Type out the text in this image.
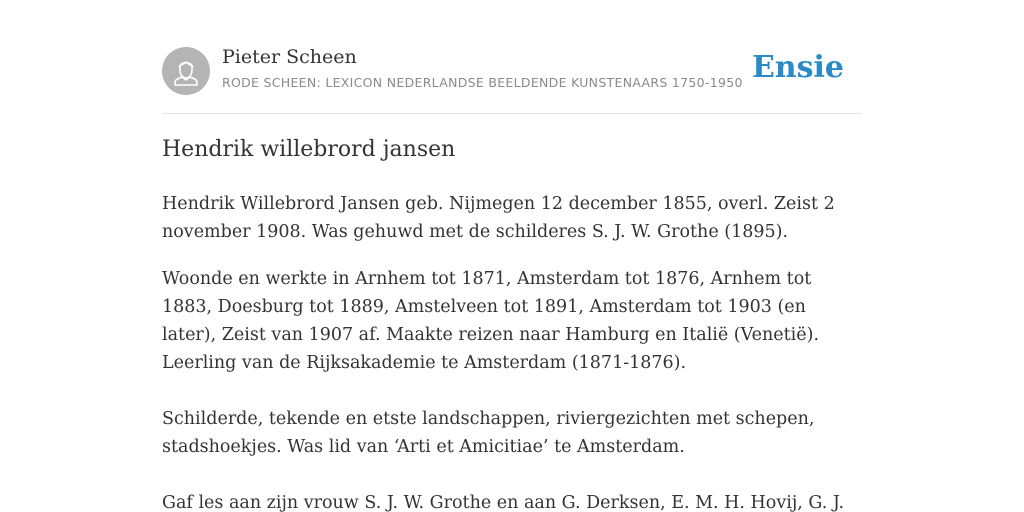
Pieter Scheen
RODE SCHEEN: LEXICON NEDERLANDSE BEELDENDE KUNSTENAARS 1750-1950 Ensie
Hendrik willebrord jansen

Hendrik Willebrord Jansen geb. Nijmegen 12 december 1855, overl. Zeist 2 november 1908. Was gehuwd met de schilderes S. J. W. Grothe (1895).

Woonde en werkte in Arnhem tot 1871, Amsterdam tot 1876, Arnhem tot 1883, Doesburg tot 1889, Amstelveen tot 1891, Amsterdam tot 1903 (en later), Zeist van 1907 af. Maakte reizen naar Hamburg en Italië (Venetië). Leerling van de Rijksakademie te Amsterdam (1871-1876).

Schilderde, tekende en etste landschappen, riviergezichten met schepen, stadshoekjes. Was lid van ‘Arti et Amicitiae’ te Amsterdam.

Gaf les aan zijn vrouw S. J. W. Grothe en aan G. Derksen, E. M. H. Hovij, G. J.
